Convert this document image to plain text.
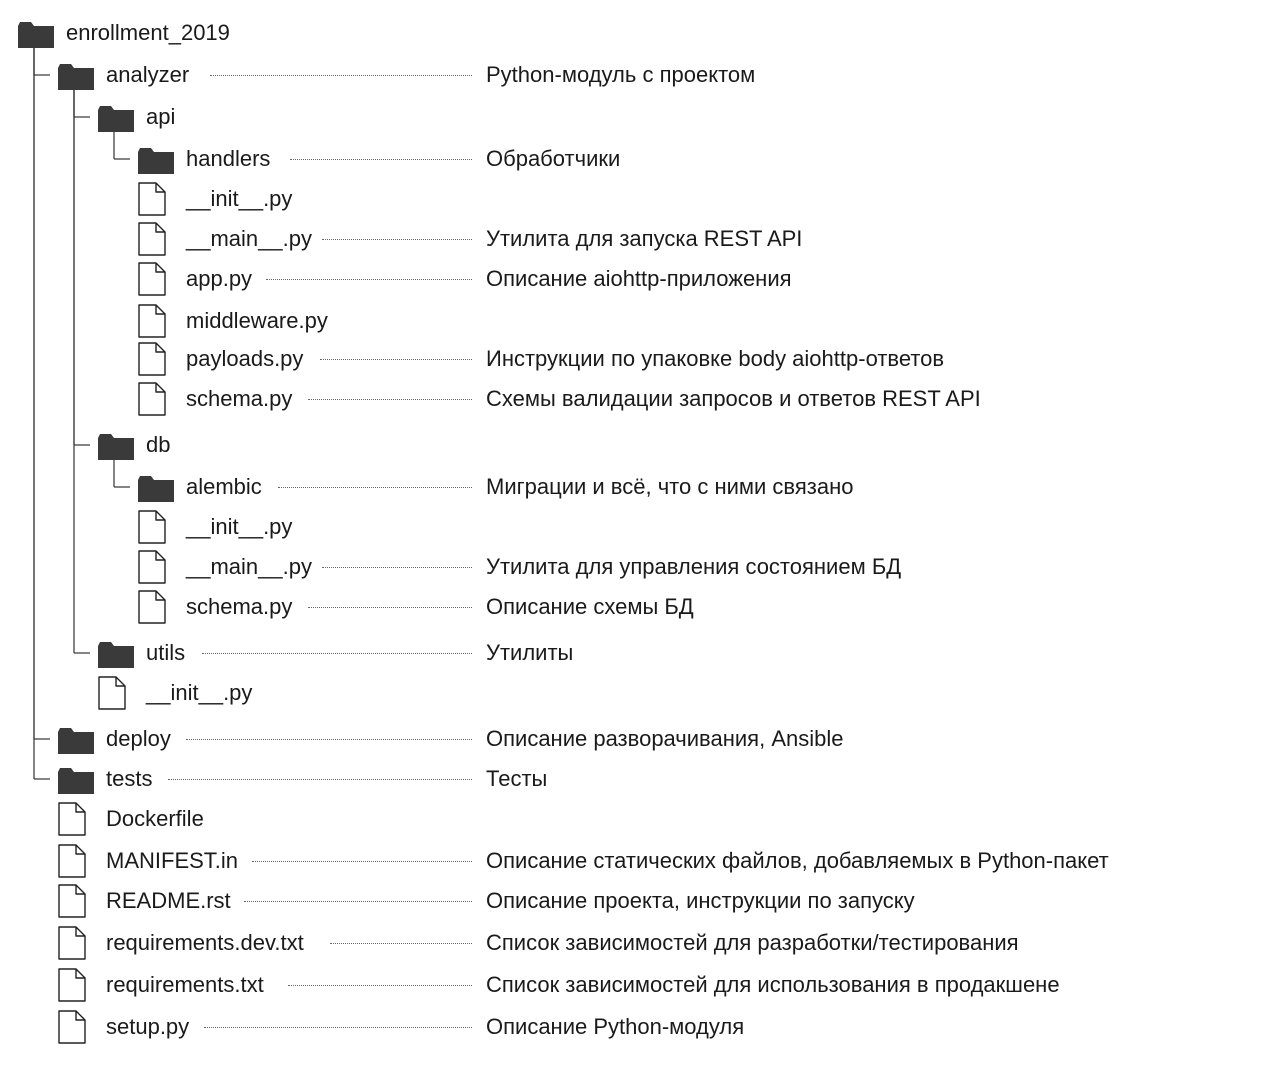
enrollment_2019
analyzer	Python-модуль с проектом
api
handlers	Обработчики
__init__.py
__main__.py	Утилита для запуска REST API
app.py	Описание aiohttp-приложения
middleware.py
payloads.py	Инструкции по упаковке body aiohttp-ответов
schema.py	Схемы валидации запросов и ответов REST API
db
alembic	Миграции и всё, что с ними связано
__init__.py
__main__.py	Утилита для управления состоянием БД
schema.py	Описание схемы БД
utils	Утилиты
__init__.py
deploy	Описание разворачивания, Ansible
tests	Тесты
Dockerfile
MANIFEST.in	Описание статических файлов, добавляемых в Python-пакет
README.rst	Описание проекта, инструкции по запуску
requirements.dev.txt	Список зависимостей для разработки/тестирования
requirements.txt	Список зависимостей для использования в продакшене
setup.py	Описание Python-модуля
